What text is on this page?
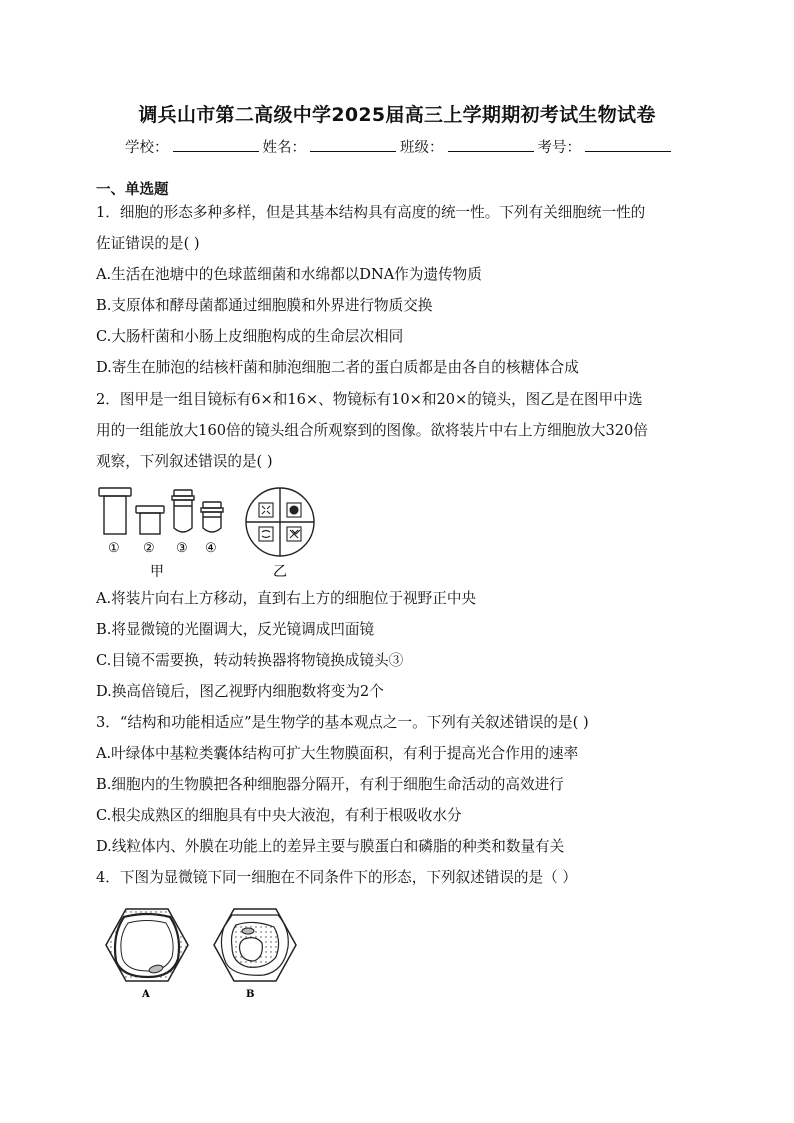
调兵山市第二高级中学2025届高三上学期期初考试生物试卷
学校：	姓名：	班级：	考号：
一、单选题
1．细胞的形态多种多样，但是其基本结构具有高度的统一性。下列有关细胞统一性的
佐证错误的是( )
A.生活在池塘中的色球蓝细菌和水绵都以DNA作为遗传物质
B.支原体和酵母菌都通过细胞膜和外界进行物质交换
C.大肠杆菌和小肠上皮细胞构成的生命层次相同
D.寄生在肺泡的结核杆菌和肺泡细胞二者的蛋白质都是由各自的核糖体合成
2．图甲是一组目镜标有6×和16×、物镜标有10×和20×的镜头，图乙是在图甲中选
用的一组能放大160倍的镜头组合所观察到的图像。欲将装片中右上方细胞放大320倍
观察，下列叙述错误的是( )
① ② ③ ④
甲	乙
A.将装片向右上方移动，直到右上方的细胞位于视野正中央
B.将显微镜的光圈调大，反光镜调成凹面镜
C.目镜不需要换，转动转换器将物镜换成镜头③
D.换高倍镜后，图乙视野内细胞数将变为2个
3．“结构和功能相适应”是生物学的基本观点之一。下列有关叙述错误的是( )
A.叶绿体中基粒类囊体结构可扩大生物膜面积，有利于提高光合作用的速率
B.细胞内的生物膜把各种细胞器分隔开，有利于细胞生命活动的高效进行
C.根尖成熟区的细胞具有中央大液泡，有利于根吸收水分
D.线粒体内、外膜在功能上的差异主要与膜蛋白和磷脂的种类和数量有关
4．下图为显微镜下同一细胞在不同条件下的形态，下列叙述错误的是（ ）
A	B
